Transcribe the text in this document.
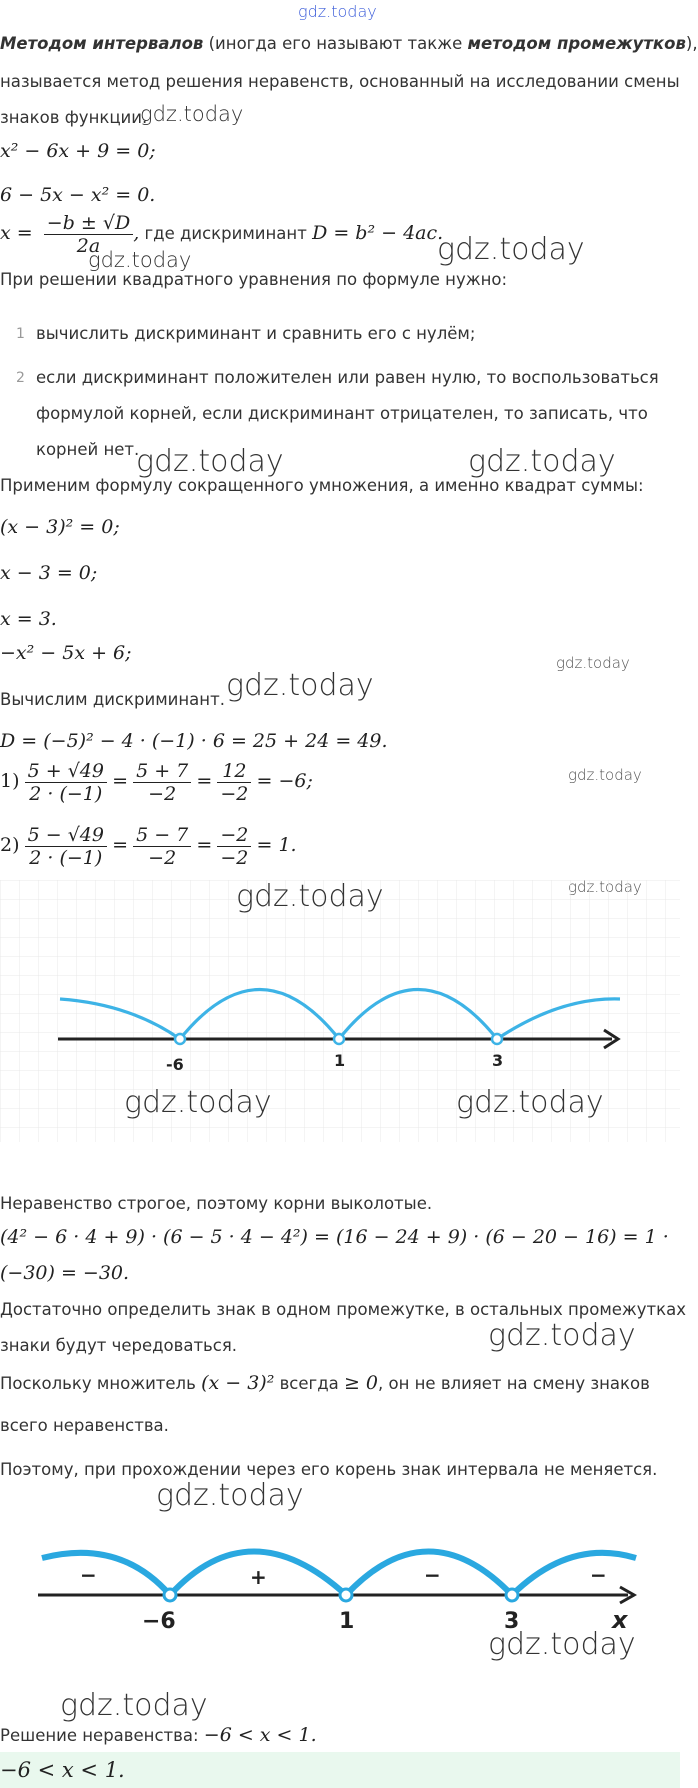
gdz.today
Методом интервалов (иногда его называют также методом промежутков),
называется метод решения неравенств, основанный на исследовании смены
знаков функции.
gdz.today
x² − 6x + 9 = 0;
6 − 5x − x² = 0.
$x = \frac{-b \pm √D}{2a}$ , где дискриминант D = b² − 4ac.
gdz.today	gdz.today
При решении квадратного уравнения по формуле нужно:
1 вычислить дискриминант и сравнить его с нулём;
2 если дискриминант положителен или равен нулю, то воспользоваться
формулой корней, если дискриминант отрицателен, то записать, что
корней нет.
gdz.today	gdz.today
Применим формулу сокращенного умножения, а именно квадрат суммы:
(x − 3)² = 0;
x − 3 = 0;
x = 3.
−x² − 5x + 6;	gdz.today
Вычислим дискриминант. gdz.today
D = (−5)² − 4 · (−1) · 6 = 25 + 24 = 49.
$1) \frac{5 + √49}{2 \cdot (-1)} = \frac{5 + 7}{-2} = \frac{12}{-2} = -6$;	gdz.today
$2) \frac{5 - √49}{2 \cdot (-1)} = \frac{5 - 7}{-2} = \frac{-2}{-2} = 1$.
-6	1	3
gdz.today
gdz.today	gdz.today
Неравенство строгое, поэтому корни выколотые.
(4² − 6 · 4 + 9) · (6 − 5 · 4 − 4²) = (16 − 24 + 9) · (6 − 20 − 16) = 1 ·
(−30) = −30.
Достаточно определить знак в одном промежутке, в остальных промежутках
знаки будут чередоваться.	gdz.today
Поскольку множитель (x − 3)² всегда ≥ 0, он не влияет на смену знаков
всего неравенства.
Поэтому, при прохождении через его корень знак интервала не меняется.
gdz.today
−	+	−	−
−6	1	3	x
gdz.today
gdz.today
Решение неравенства: −6 < x < 1.
−6 < x < 1.
